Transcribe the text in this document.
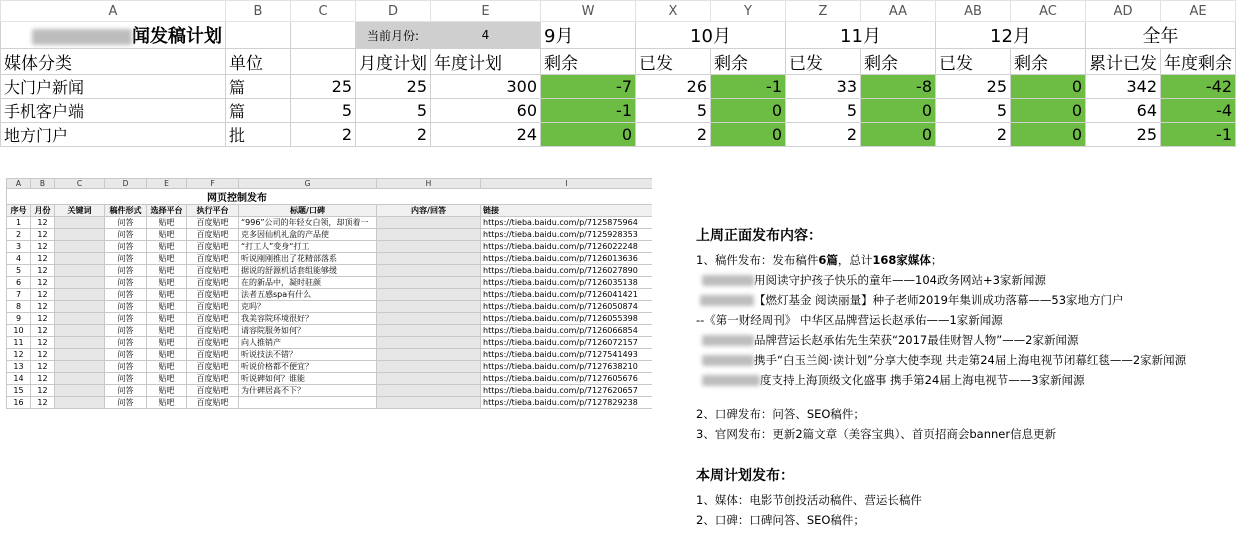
A	B	C	D	E	W	X	Y	Z	AA	AB	AC	AD	AE
闻发稿计划			当前月份:	4	9月	10月		11月		12月		全年	
媒体分类	单位		月度计划	年度计划	剩余	已发	剩余	已发	剩余	已发	剩余	累计已发	年度剩余
大门户新闻	篇	25	25	300	-7	26	-1	33	-8	25	0	342	-42
手机客户端	篇	5	5	60	-1	5	0	5	0	5	0	64	-4
地方门户	批	2	2	24	0	2	0	2	0	2	0	25	-1
A	B	C	D	E	F	G	H	I
网页控制发布								
序号	月份	关键词	稿件形式	选择平台	执行平台	标题/口碑	内容/回答	链接
1	12		问答	贴吧	百度贴吧	“996”公司的年轻女白领，却顶着一		https://tieba.baidu.com/p/7125875964
2	12		问答	贴吧	百度贴吧	克多因仙机礼盒的产品使		https://tieba.baidu.com/p/7125928353
3	12		问答	贴吧	百度贴吧	“打工人”变身“打工		https://tieba.baidu.com/p/7126022248
4	12		问答	贴吧	百度贴吧	听说刚刚推出了花精部落系		https://tieba.baidu.com/p/7126013636
5	12		问答	贴吧	百度贴吧	据说的舒源机话套组能够缓		https://tieba.baidu.com/p/7126027890
6	12		问答	贴吧	百度贴吧	在的新品中，凝时驻颜		https://tieba.baidu.com/p/7126035138
7	12		问答	贴吧	百度贴吧	法者五感spa有什么		https://tieba.baidu.com/p/7126041421
8	12		问答	贴吧	百度贴吧	克吗？		https://tieba.baidu.com/p/7126050874
9	12		问答	贴吧	百度贴吧	我美容院环境很好？		https://tieba.baidu.com/p/7126055398
10	12		问答	贴吧	百度贴吧	请容院服务如何？		https://tieba.baidu.com/p/7126066854
11	12		问答	贴吧	百度贴吧	向人推销产		https://tieba.baidu.com/p/7126072157
12	12		问答	贴吧	百度贴吧	听说技法不错？		https://tieba.baidu.com/p/7127541493
13	12		问答	贴吧	百度贴吧	听说价格都不便宜？		https://tieba.baidu.com/p/7127638210
14	12		问答	贴吧	百度贴吧	听说碑如何？谁能		https://tieba.baidu.com/p/7127605676
15	12		问答	贴吧	百度贴吧	为什碑居高不下？		https://tieba.baidu.com/p/7127620657
16	12		问答	贴吧	百度贴吧			https://tieba.baidu.com/p/7127829238
上周正面发布内容：

1、稿件发布：发布稿件6篇，总计168家媒体；

用阅读守护孩子快乐的童年——104政务网站+3家新闻源

【燃灯基金 阅读丽量】种子老师2019年集训成功落幕——53家地方门户

--《第一财经周刊》 中华区品牌营运长赵承佑——1家新闻源

品牌营运长赵承佑先生荣获“2017最佳财智人物”——2家新闻源

携手“白玉兰阅·读计划”分享大使李现 共走第24届上海电视节闭幕红毯——2家新闻源

度支持上海顶级文化盛事 携手第24届上海电视节——3家新闻源

2、口碑发布：问答、SEO稿件；

3、官网发布：更新2篇文章（美容宝典）、首页招商会banner信息更新

本周计划发布：

1、媒体：电影节创投活动稿件、营运长稿件

2、口碑：口碑问答、SEO稿件；
